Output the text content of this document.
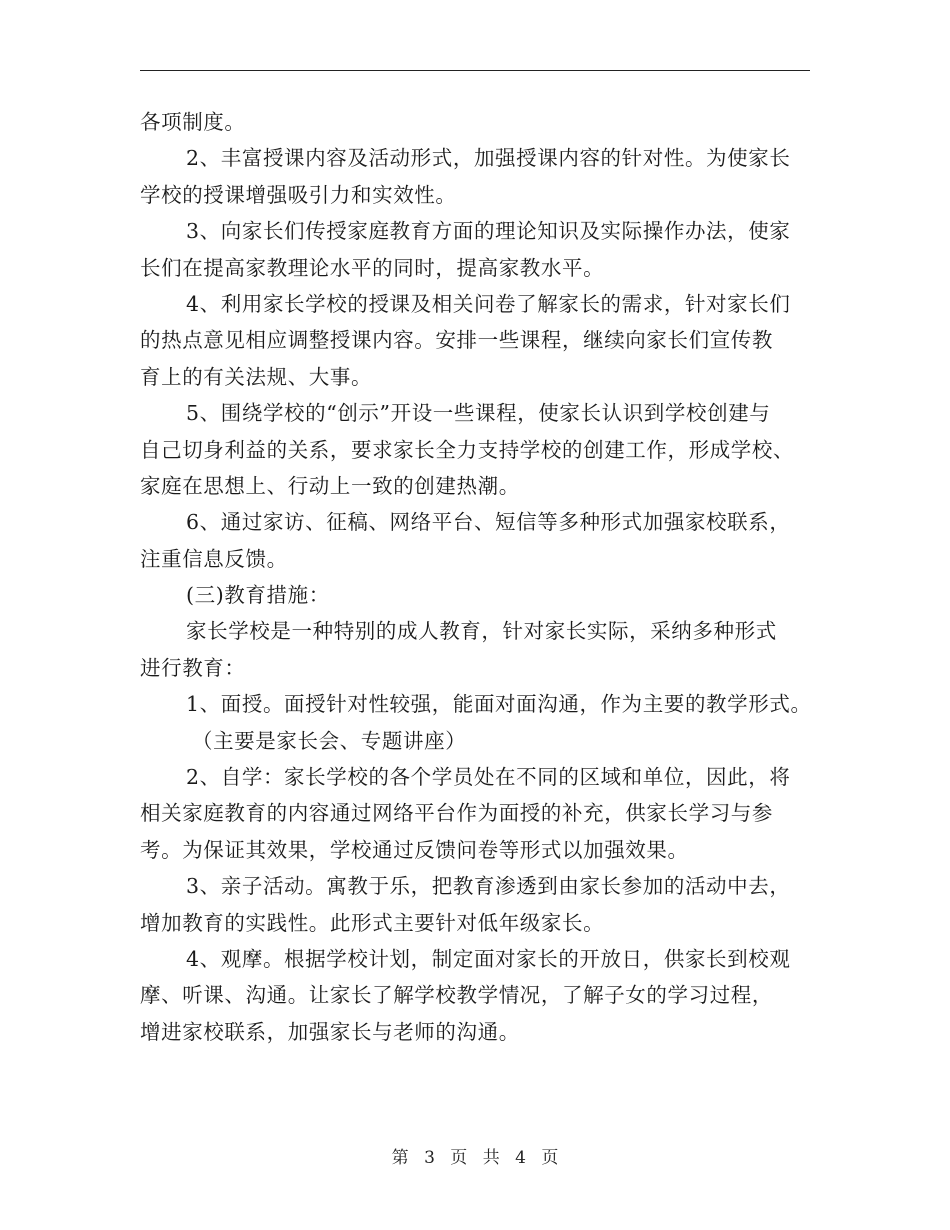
各项制度。
2、丰富授课内容及活动形式，加强授课内容的针对性。为使家长
学校的授课增强吸引力和实效性。
3、向家长们传授家庭教育方面的理论知识及实际操作办法，使家
长们在提高家教理论水平的同时，提高家教水平。
4、利用家长学校的授课及相关问卷了解家长的需求，针对家长们
的热点意见相应调整授课内容。安排一些课程，继续向家长们宣传教
育上的有关法规、大事。
5、围绕学校的“创示”开设一些课程，使家长认识到学校创建与
自己切身利益的关系，要求家长全力支持学校的创建工作，形成学校、
家庭在思想上、行动上一致的创建热潮。
6、通过家访、征稿、网络平台、短信等多种形式加强家校联系，
注重信息反馈。
(三)教育措施：
家长学校是一种特别的成人教育，针对家长实际，采纳多种形式
进行教育：
1、面授。面授针对性较强，能面对面沟通，作为主要的教学形式。
（主要是家长会、专题讲座）
2、自学：家长学校的各个学员处在不同的区域和单位，因此，将
相关家庭教育的内容通过网络平台作为面授的补充，供家长学习与参
考。为保证其效果，学校通过反馈问卷等形式以加强效果。
3、亲子活动。寓教于乐，把教育渗透到由家长参加的活动中去，
增加教育的实践性。此形式主要针对低年级家长。
4、观摩。根据学校计划，制定面对家长的开放日，供家长到校观
摩、听课、沟通。让家长了解学校教学情况，了解子女的学习过程，
增进家校联系，加强家长与老师的沟通。
第 3 页 共 4 页
